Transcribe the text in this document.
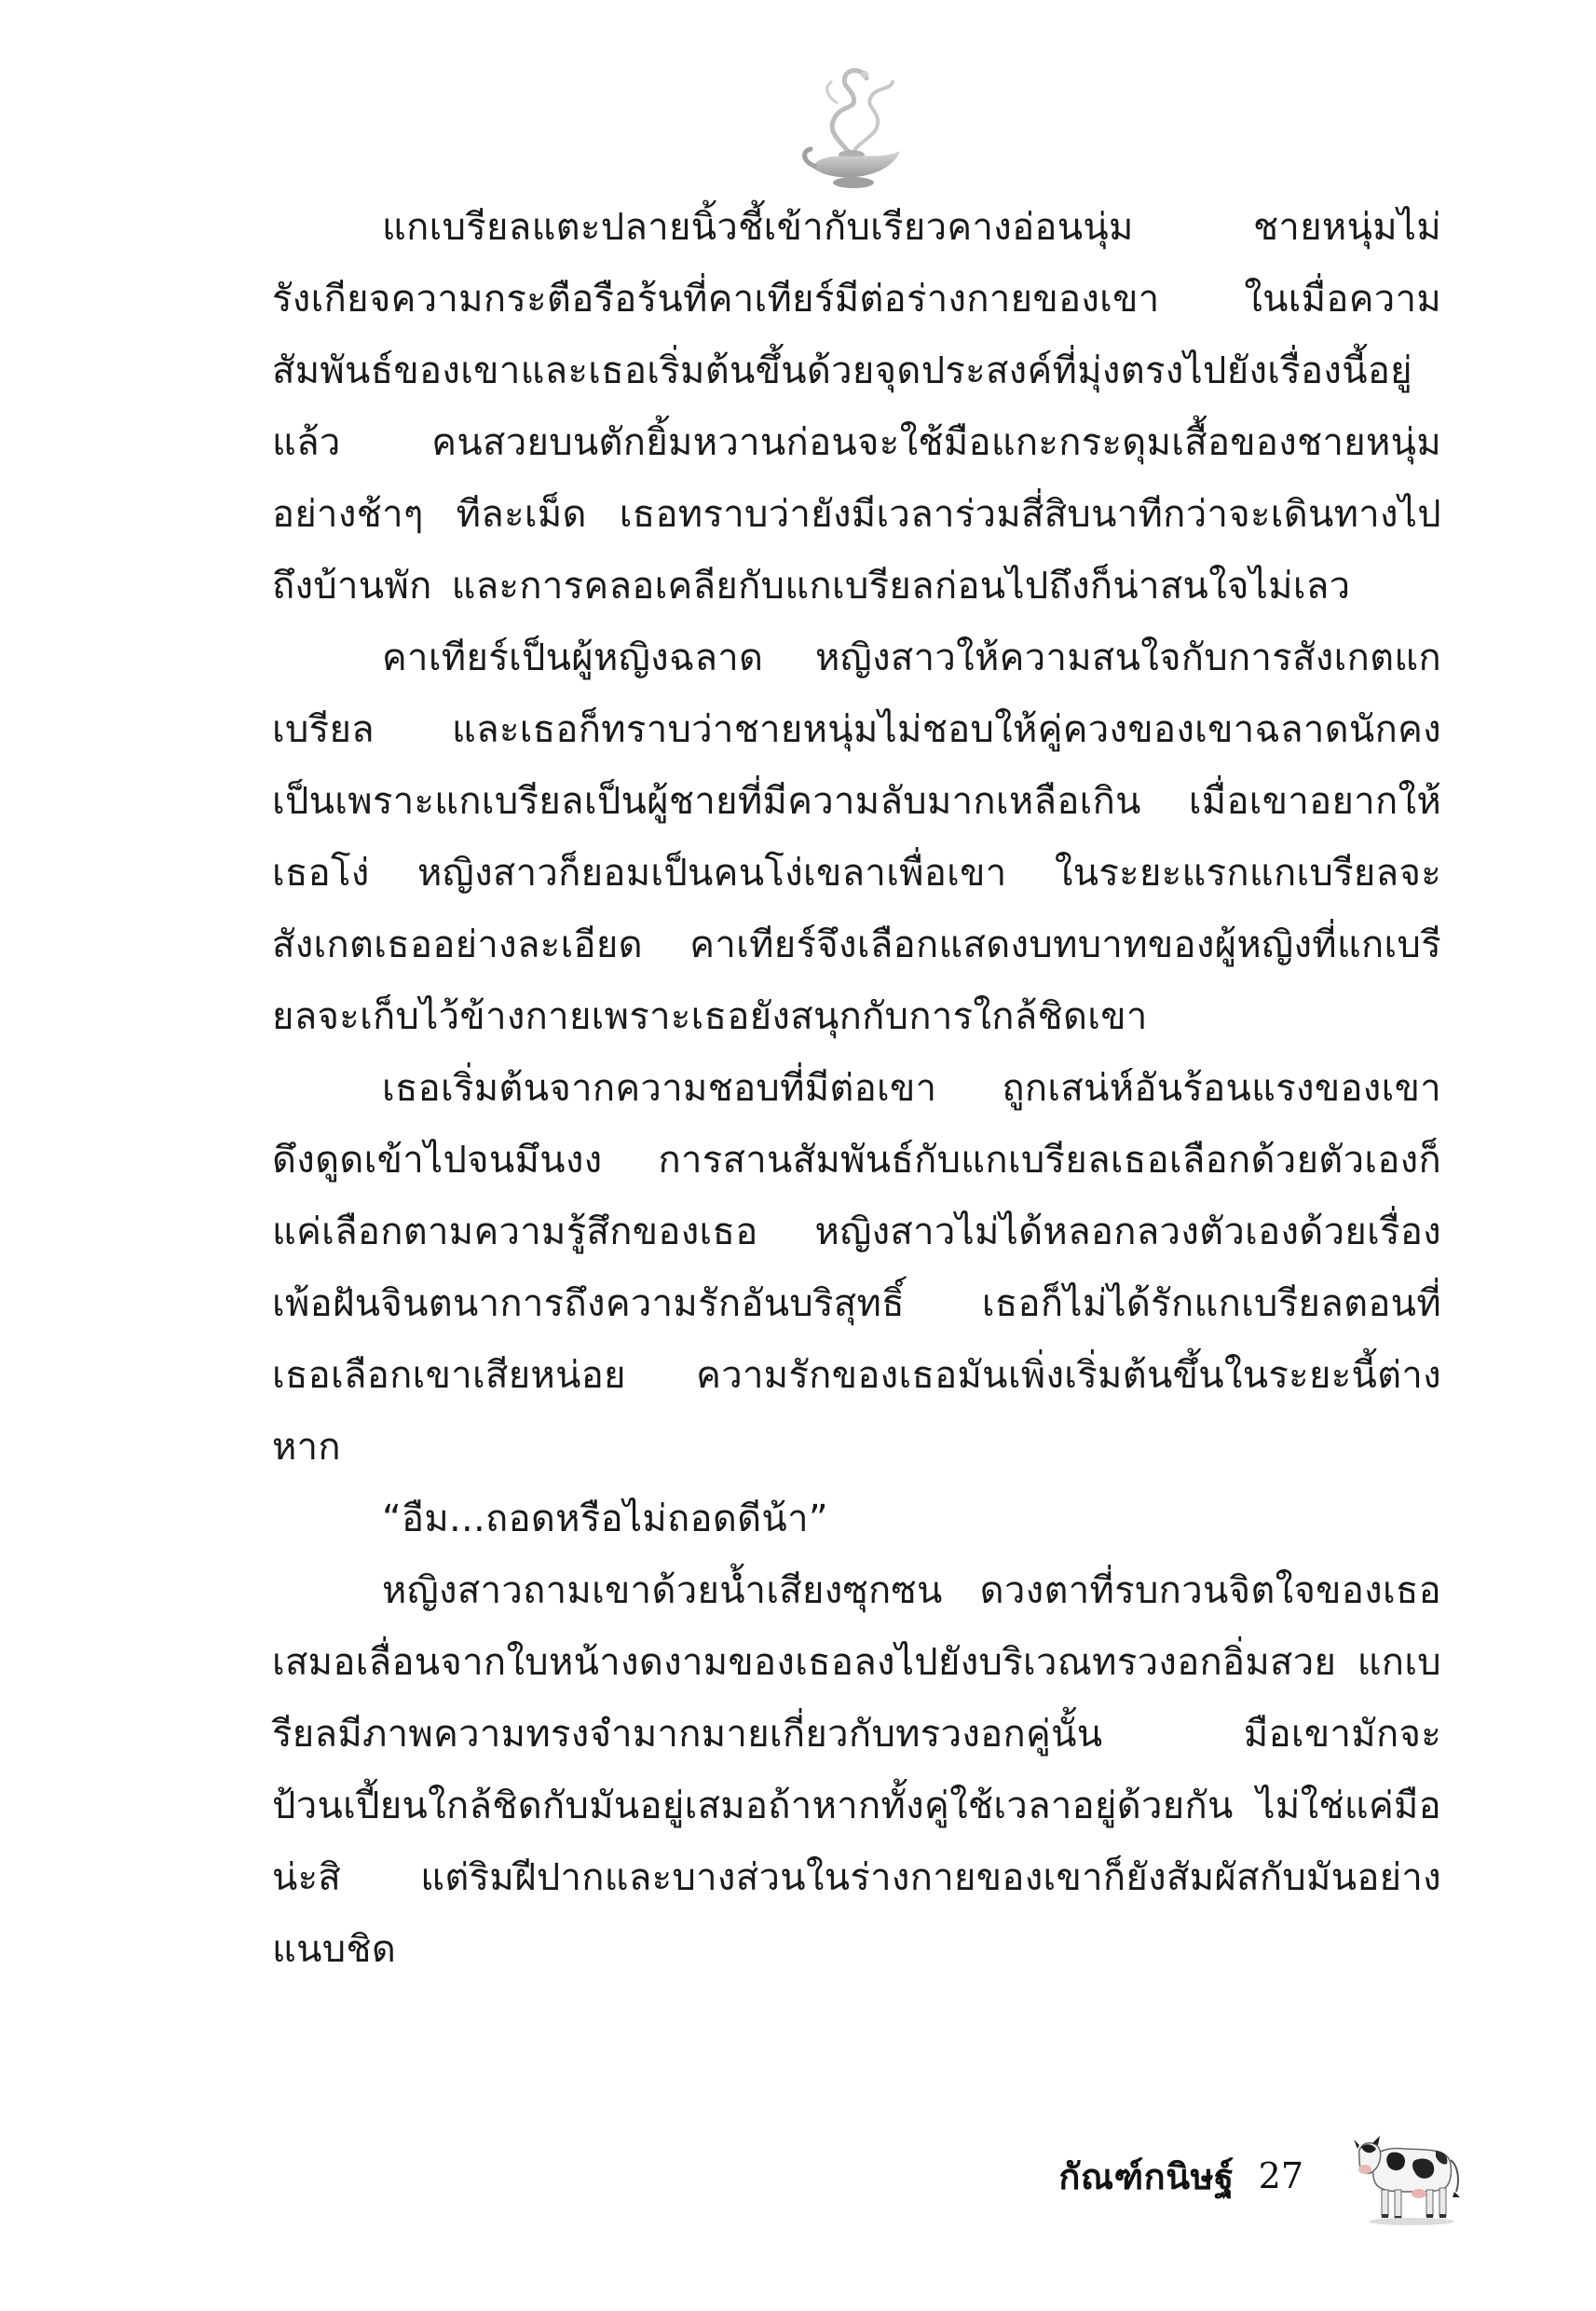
แกเบรียลแตะปลายนิ้วชี้เข้ากับเรียวคางอ่อนนุ่ม ชายหนุ่มไม่รังเกียจความกระตือรือร้นที่คาเทียร์มีต่อร่างกายของเขา ในเมื่อความสัมพันธ์ของเขาและเธอเริ่มต้นขึ้นด้วยจุดประสงค์ที่มุ่งตรงไปยังเรื่องนี้อยู่แล้ว คนสวยบนตักยิ้มหวานก่อนจะใช้มือแกะกระดุมเสื้อของชายหนุ่มอย่างช้าๆ ทีละเม็ด เธอทราบว่ายังมีเวลาร่วมสี่สิบนาทีกว่าจะเดินทางไปถึงบ้านพัก และการคลอเคลียกับแกเบรียลก่อนไปถึงก็น่าสนใจไม่เลว

คาเทียร์เป็นผู้หญิงฉลาด หญิงสาวให้ความสนใจกับการสังเกตแกเบรียล และเธอก็ทราบว่าชายหนุ่มไม่ชอบให้คู่ควงของเขาฉลาดนักคงเป็นเพราะแกเบรียลเป็นผู้ชายที่มีความลับมากเหลือเกิน เมื่อเขาอยากให้เธอโง่ หญิงสาวก็ยอมเป็นคนโง่เขลาเพื่อเขา ในระยะแรกแกเบรียลจะสังเกตเธออย่างละเอียด คาเทียร์จึงเลือกแสดงบทบาทของผู้หญิงที่แกเบรียลจะเก็บไว้ข้างกายเพราะเธอยังสนุกกับการใกล้ชิดเขา

เธอเริ่มต้นจากความชอบที่มีต่อเขา ถูกเสน่ห์อันร้อนแรงของเขาดึงดูดเข้าไปจนมึนงง การสานสัมพันธ์กับแกเบรียลเธอเลือกด้วยตัวเองก็แค่เลือกตามความรู้สึกของเธอ หญิงสาวไม่ได้หลอกลวงตัวเองด้วยเรื่องเพ้อฝันจินตนาการถึงความรักอันบริสุทธิ์ เธอก็ไม่ได้รักแกเบรียลตอนที่เธอเลือกเขาเสียหน่อย ความรักของเธอมันเพิ่งเริ่มต้นขึ้นในระยะนี้ต่างหาก

“อืม...ถอดหรือไม่ถอดดีน้า”

หญิงสาวถามเขาด้วยน้ำเสียงซุกซน ดวงตาที่รบกวนจิตใจของเธอเสมอเลื่อนจากใบหน้างดงามของเธอลงไปยังบริเวณทรวงอกอิ่มสวย แกเบรียลมีภาพความทรงจำมากมายเกี่ยวกับทรวงอกคู่นั้น มือเขามักจะป้วนเปี้ยนใกล้ชิดกับมันอยู่เสมอถ้าหากทั้งคู่ใช้เวลาอยู่ด้วยกัน ไม่ใช่แค่มือน่ะสิ แต่ริมฝีปากและบางส่วนในร่างกายของเขาก็ยังสัมผัสกับมันอย่างแนบชิด

กัณฑ์กนิษฐ์ 27
